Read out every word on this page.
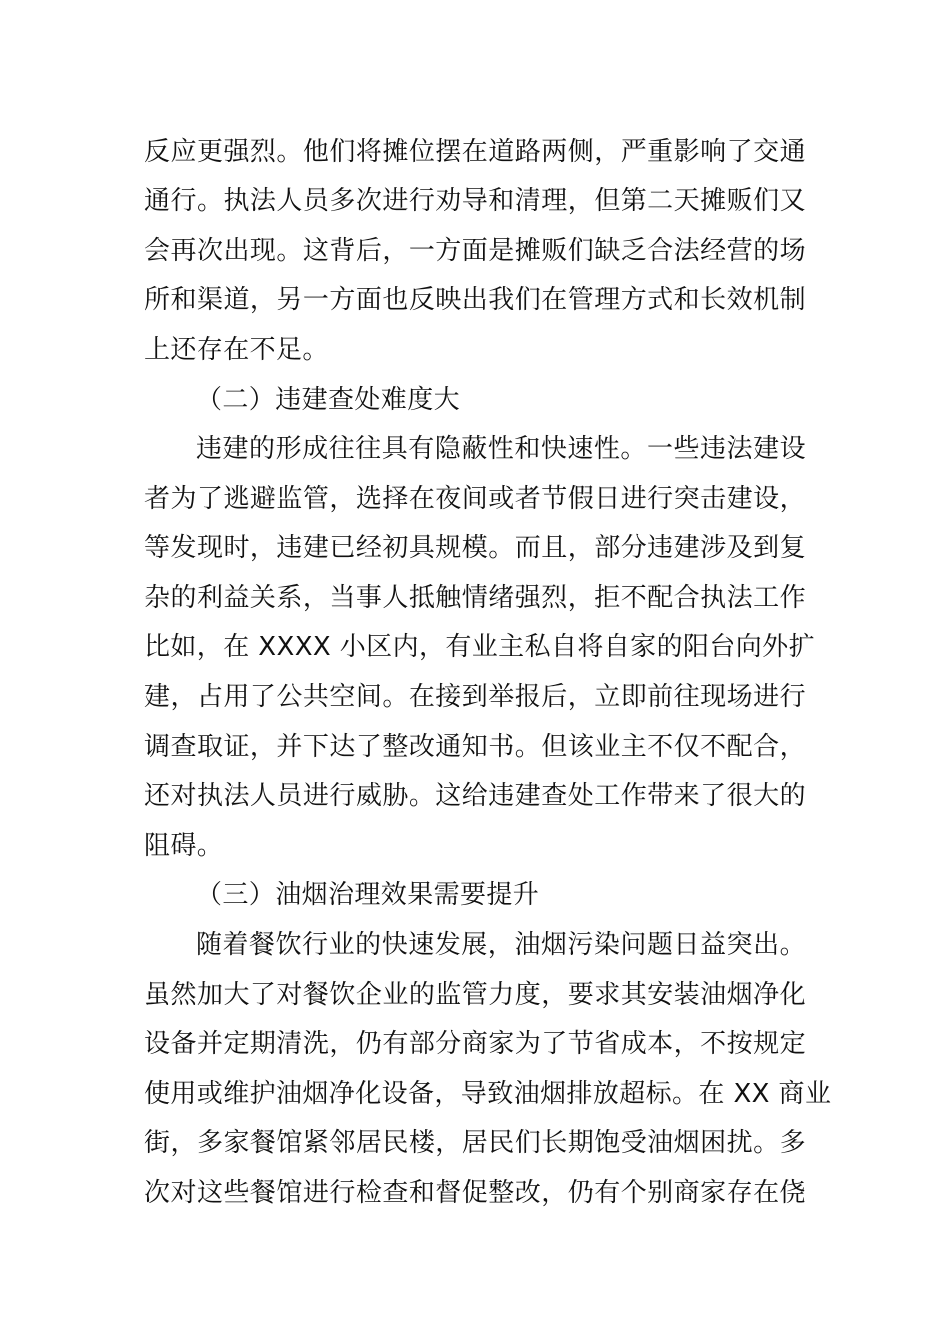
反应更强烈。他们将摊位摆在道路两侧，严重影响了交通
通行。执法人员多次进行劝导和清理，但第二天摊贩们又
会再次出现。这背后，一方面是摊贩们缺乏合法经营的场
所和渠道，另一方面也反映出我们在管理方式和长效机制
上还存在不足。
（二）违建查处难度大
违建的形成往往具有隐蔽性和快速性。一些违法建设
者为了逃避监管，选择在夜间或者节假日进行突击建设，
等发现时，违建已经初具规模。而且，部分违建涉及到复
杂的利益关系，当事人抵触情绪强烈，拒不配合执法工作
比如，在 XXXX 小区内，有业主私自将自家的阳台向外扩
建，占用了公共空间。在接到举报后，立即前往现场进行
调查取证，并下达了整改通知书。但该业主不仅不配合，
还对执法人员进行威胁。这给违建查处工作带来了很大的
阻碍。
（三）油烟治理效果需要提升
随着餐饮行业的快速发展，油烟污染问题日益突出。
虽然加大了对餐饮企业的监管力度，要求其安装油烟净化
设备并定期清洗，仍有部分商家为了节省成本，不按规定
使用或维护油烟净化设备，导致油烟排放超标。在 XX 商业
街，多家餐馆紧邻居民楼，居民们长期饱受油烟困扰。多
次对这些餐馆进行检查和督促整改，仍有个别商家存在侥
